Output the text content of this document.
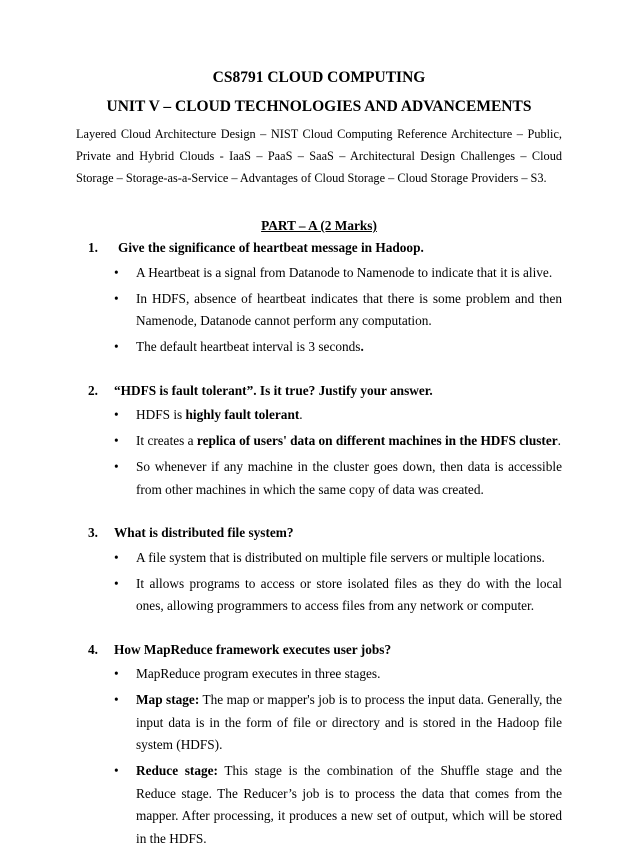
CS8791 CLOUD COMPUTING

UNIT V – CLOUD TECHNOLOGIES AND ADVANCEMENTS

Layered Cloud Architecture Design – NIST Cloud Computing Reference Architecture – Public, Private and Hybrid Clouds - IaaS – PaaS – SaaS – Architectural Design Challenges – Cloud Storage – Storage-as-a-Service – Advantages of Cloud Storage – Cloud Storage Providers – S3.

PART – A (2 Marks)

1.	Give the significance of heartbeat message in Hadoop.
•	A Heartbeat is a signal from Datanode to Namenode to indicate that it is alive.
•	In HDFS, absence of heartbeat indicates that there is some problem and then Namenode, Datanode cannot perform any computation.
•	The default heartbeat interval is 3 seconds.
2.	“HDFS is fault tolerant”. Is it true? Justify your answer.
•	HDFS is highly fault tolerant.
•	It creates a replica of users' data on different machines in the HDFS cluster.
•	So whenever if any machine in the cluster goes down, then data is accessible from other machines in which the same copy of data was created.
3.	What is distributed file system?
•	A file system that is distributed on multiple file servers or multiple locations.
•	It allows programs to access or store isolated files as they do with the local ones, allowing programmers to access files from any network or computer.
4.	How MapReduce framework executes user jobs?
•	MapReduce program executes in three stages.
•	Map stage: The map or mapper's job is to process the input data. Generally, the input data is in the form of file or directory and is stored in the Hadoop file system (HDFS).
•	Reduce stage: This stage is the combination of the Shuffle stage and the Reduce stage. The Reducer’s job is to process the data that comes from the mapper. After processing, it produces a new set of output, which will be stored in the HDFS.
